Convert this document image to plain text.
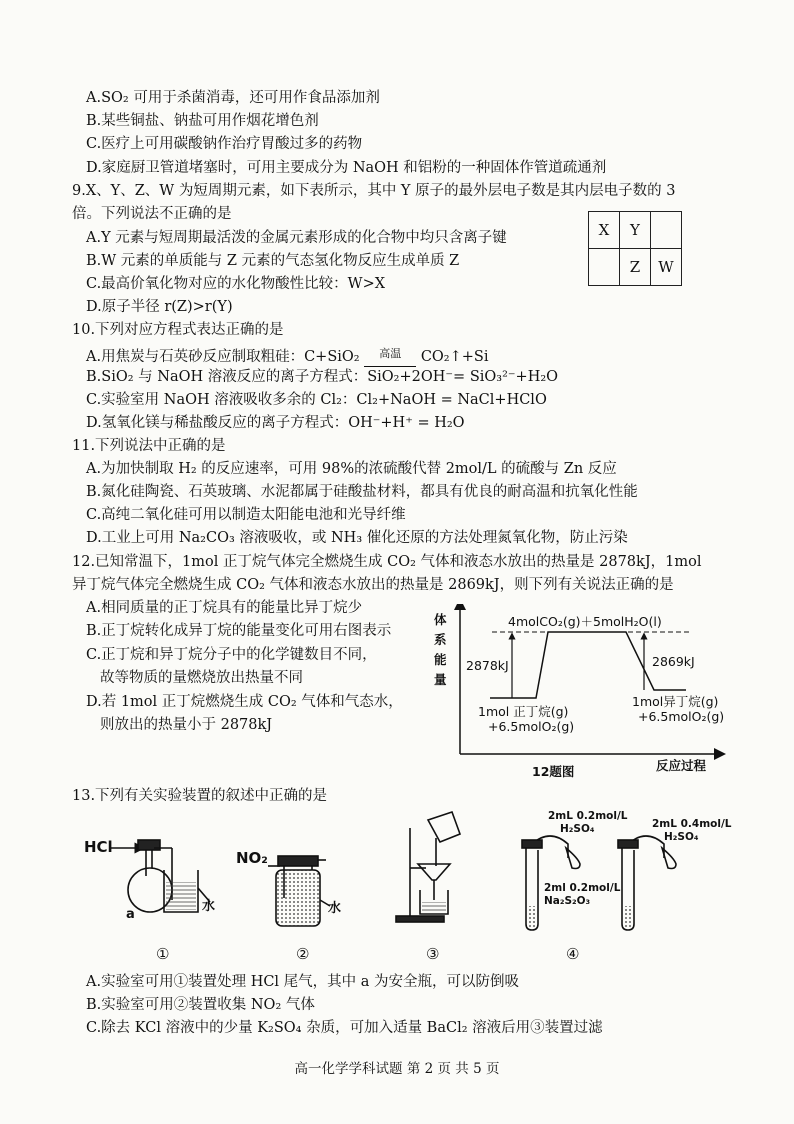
A.SO₂ 可用于杀菌消毒，还可用作食品添加剂
B.某些铜盐、钠盐可用作烟花增色剂
C.医疗上可用碳酸钠作治疗胃酸过多的药物
D.家庭厨卫管道堵塞时，可用主要成分为 NaOH 和铝粉的一种固体作管道疏通剂
9.X、Y、Z、W 为短周期元素，如下表所示，其中 Y 原子的最外层电子数是其内层电子数的 3
倍。下列说法不正确的是
A.Y 元素与短周期最活泼的金属元素形成的化合物中均只含离子键
B.W 元素的单质能与 Z 元素的气态氢化物反应生成单质 Z
C.最高价氧化物对应的水化物酸性比较：W>X
D.原子半径 r(Z)>r(Y)
X	Y	
	Z	W
10.下列对应方程式表达正确的是
A.用焦炭与石英砂反应制取粗硅：C+SiO₂ 高温 CO₂↑+Si
B.SiO₂ 与 NaOH 溶液反应的离子方程式：SiO₂+2OH⁻= SiO₃²⁻+H₂O
C.实验室用 NaOH 溶液吸收多余的 Cl₂：Cl₂+NaOH = NaCl+HClO
D.氢氧化镁与稀盐酸反应的离子方程式：OH⁻+H⁺ = H₂O
11.下列说法中正确的是
A.为加快制取 H₂ 的反应速率，可用 98%的浓硫酸代替 2mol/L 的硫酸与 Zn 反应
B.氮化硅陶瓷、石英玻璃、水泥都属于硅酸盐材料，都具有优良的耐高温和抗氧化性能
C.高纯二氧化硅可用以制造太阳能电池和光导纤维
D.工业上可用 Na₂CO₃ 溶液吸收，或 NH₃ 催化还原的方法处理氮氧化物，防止污染
12.已知常温下，1mol 正丁烷气体完全燃烧生成 CO₂ 气体和液态水放出的热量是 2878kJ，1mol
异丁烷气体完全燃烧生成 CO₂ 气体和液态水放出的热量是 2869kJ，则下列有关说法正确的是
A.相同质量的正丁烷具有的能量比异丁烷少
B.正丁烷转化成异丁烷的能量变化可用右图表示
C.正丁烷和异丁烷分子中的化学键数目不同，
故等物质的量燃烧放出热量不同
D.若 1mol 正丁烷燃烧生成 CO₂ 气体和气态水，
则放出的热量小于 2878kJ
体
系
能
量
4molCO₂(g)＋5molH₂O(l)
2878kJ	2869kJ
1mol 正丁烷(g)
+6.5molO₂(g)
1mol异丁烷(g)
+6.5molO₂(g)
12题图	反应过程
13.下列有关实验装置的叙述中正确的是
HCl
a
水
NO₂
水
2mL 0.2mol/L
H₂SO₄
2ml 0.2mol/L
Na₂S₂O₃
2mL 0.4mol/L
H₂SO₄
①	②	③	④
A.实验室可用①装置处理 HCl 尾气，其中 a 为安全瓶，可以防倒吸
B.实验室可用②装置收集 NO₂ 气体
C.除去 KCl 溶液中的少量 K₂SO₄ 杂质，可加入适量 BaCl₂ 溶液后用③装置过滤
高一化学学科试题 第 2 页 共 5 页
